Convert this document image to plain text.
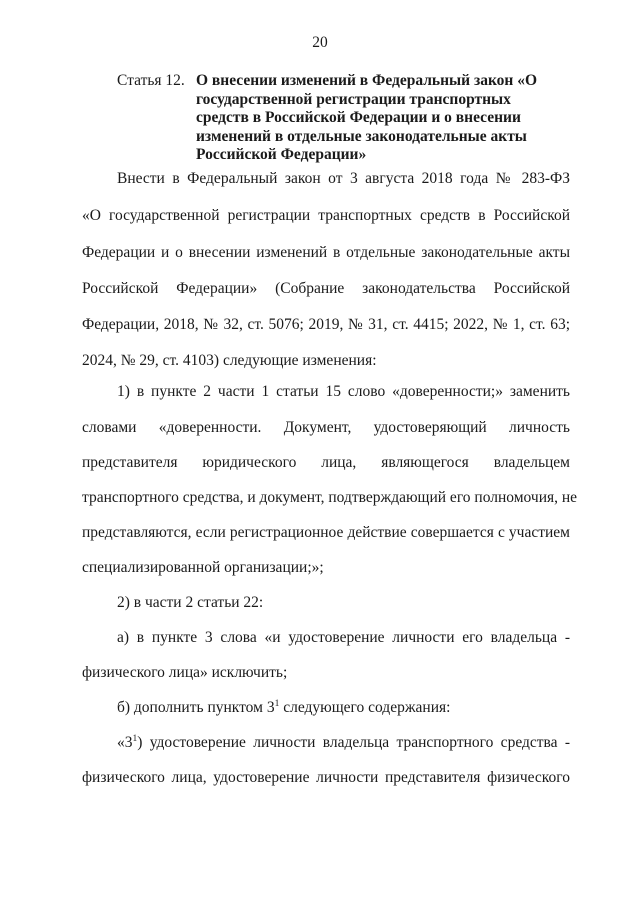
20
Статья 12. О внесении изменений в Федеральный закон «О государственной регистрации транспортных средств в Российской Федерации и о внесении изменений в отдельные законодательные акты Российской Федерации»
Внести в Федеральный закон от 3 августа 2018 года № 283-ФЗ
«О государственной регистрации транспортных средств в Российской
Федерации и о внесении изменений в отдельные законодательные акты
Российской Федерации» (Собрание законодательства Российской
Федерации, 2018, № 32, ст. 5076; 2019, № 31, ст. 4415; 2022, № 1, ст. 63;
2024, № 29, ст. 4103) следующие изменения:
1) в пункте 2 части 1 статьи 15 слово «доверенности;» заменить
словами «доверенности. Документ, удостоверяющий личность
представителя юридического лица, являющегося владельцем
транспортного средства, и документ, подтверждающий его полномочия, не
представляются, если регистрационное действие совершается с участием
специализированной организации;»;
2) в части 2 статьи 22:
а) в пункте 3 слова «и удостоверение личности его владельца -
физического лица» исключить;
б) дополнить пунктом $3^1$ следующего содержания:
«$3^1$ ) удостоверение личности владельца транспортного средства -
физического лица, удостоверение личности представителя физического
